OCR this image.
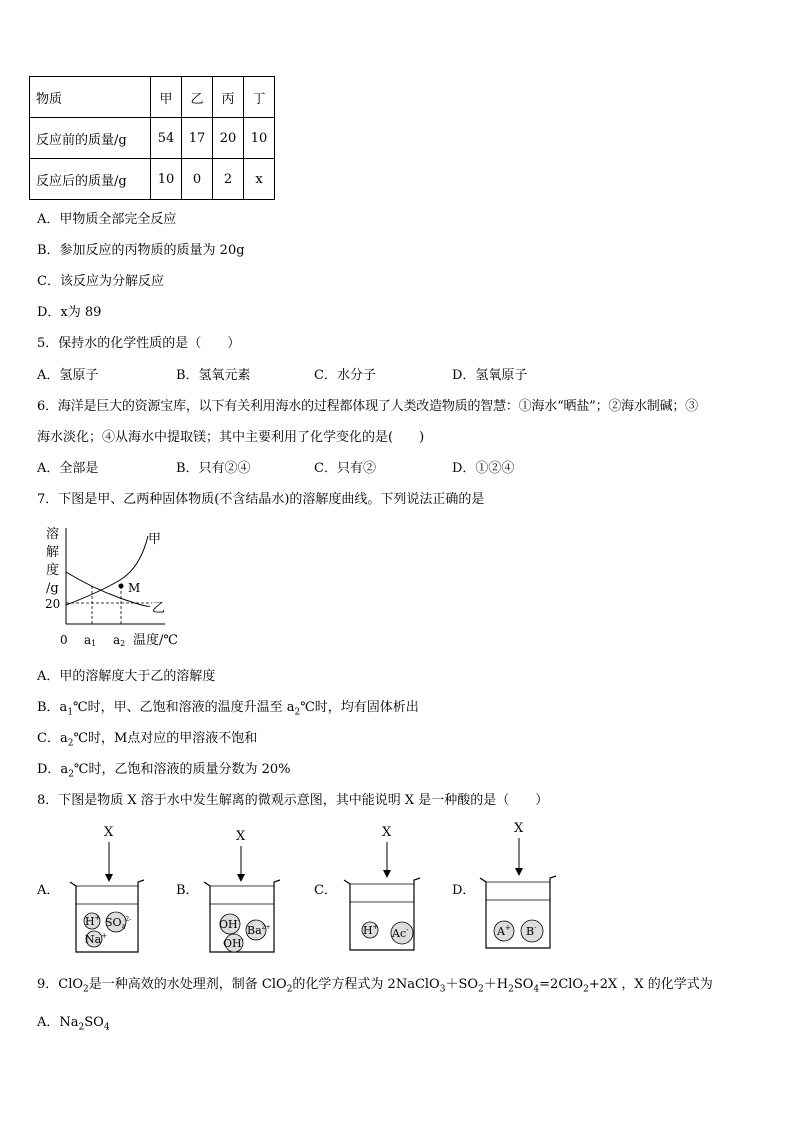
物质	甲	乙	丙	丁
反应前的质量/g	54	17	20	10
反应后的质量/g	10	0	2	x
A．甲物质全部完全反应
B．参加反应的丙物质的质量为 20g
C．该反应为分解反应
D．x为 89
5．保持水的化学性质的是（　　）
A．氢原子	B．氢氧元素	C．水分子	D．氢氧原子
6．海洋是巨大的资源宝库，以下有关利用海水的过程都体现了人类改造物质的智慧：①海水“晒盐”；②海水制碱；③
海水淡化；④从海水中提取镁；其中主要利用了化学变化的是(　　)
A．全部是	B．只有②④	C．只有②	D．①②④
7．下图是甲、乙两种固体物质(不含结晶水)的溶解度曲线。下列说法正确的是
溶
解
度
/g
20
M
甲
乙
0 a1 a2 温度/℃
A．甲的溶解度大于乙的溶解度
B．$a_1℃$时，甲、乙饱和溶液的温度升温至 $a_2℃$时，均有固体析出
C．$a_2℃$时，M点对应的甲溶液不饱和
D．$a_2℃$时，乙饱和溶液的质量分数为 20%
8．下图是物质 X 溶于水中发生解离的微观示意图，其中能说明 X 是一种酸的是（　　）
A．
X
H+ $SO_4^{2-}$
Na+
B．
X
OH-
$Ba^{2+}$
OH-
C．
X
H+ Ac-
D．
X
A+ B-
9．ClO$_2$是一种高效的水处理剂，制备 ClO$_2$的化学方程式为 $2NaClO_3+SO_2+H_2SO_4=2ClO_2+2X$ ，X 的化学式为
A．$Na_2SO_4$
